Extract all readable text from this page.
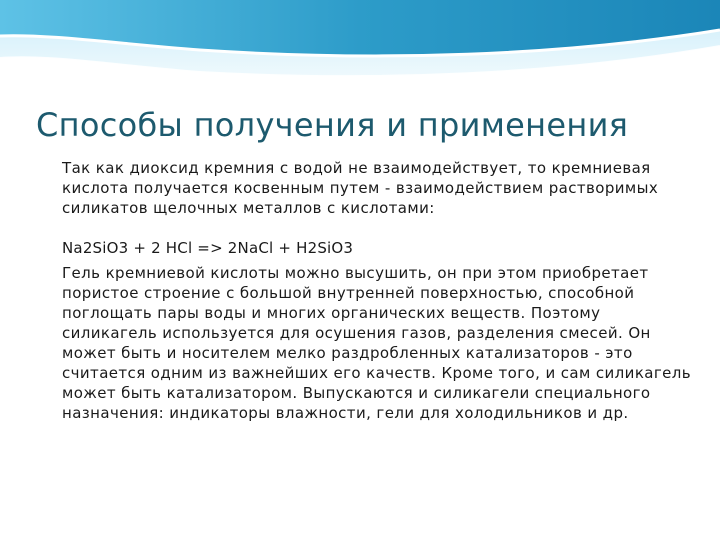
Способы получения и применения

Так как диоксид кремния с водой не взаимодействует, то кремниевая кислота получается косвенным путем - взаимодействием растворимых силикатов щелочных металлов с кислотами:

Na2SiO3 + 2 HCl => 2NaCl + H2SiO3

Гель кремниевой кислоты можно высушить, он при этом приобретает пористое строение с большой внутренней поверхностью, способной поглощать пары воды и многих органических веществ. Поэтому силикагель используется для осушения газов, разделения смесей. Он может быть и носителем мелко раздробленных катализаторов - это считается одним из важнейших его качеств. Кроме того, и сам силикагель может быть катализатором. Выпускаются и силикагели специального назначения: индикаторы влажности, гели для холодильников и др.
